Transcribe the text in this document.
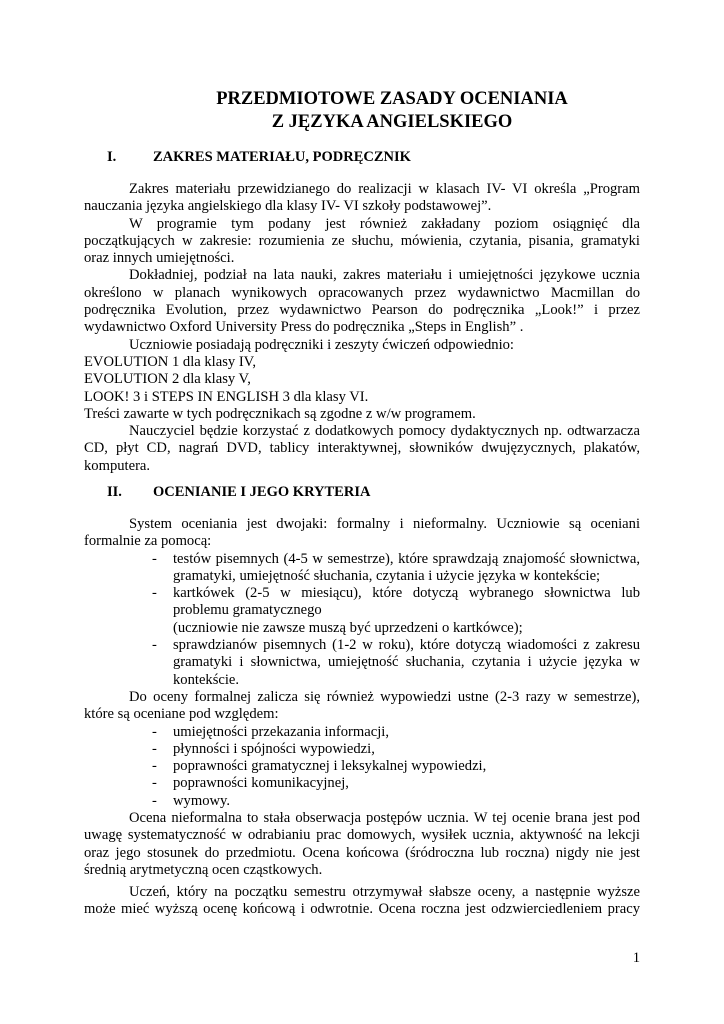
PRZEDMIOTOWE ZASADY OCENIANIA
Z JĘZYKA ANGIELSKIEGO
I.	ZAKRES MATERIAŁU, PODRĘCZNIK
Zakres materiału przewidzianego do realizacji w klasach IV- VI określa „Program
nauczania języka angielskiego dla klasy IV- VI szkoły podstawowej”.
W programie tym podany jest również zakładany poziom osiągnięć dla
początkujących w zakresie: rozumienia ze słuchu, mówienia, czytania, pisania, gramatyki
oraz innych umiejętności.
Dokładniej, podział na lata nauki, zakres materiału i umiejętności językowe ucznia
określono w planach wynikowych opracowanych przez wydawnictwo Macmillan do
podręcznika Evolution, przez wydawnictwo Pearson do podręcznika „Look!” i przez
wydawnictwo Oxford University Press do podręcznika „Steps in English” .
Uczniowie posiadają podręczniki i zeszyty ćwiczeń odpowiednio:
EVOLUTION 1 dla klasy IV,
EVOLUTION 2 dla klasy V,
LOOK! 3 i STEPS IN ENGLISH 3 dla klasy VI.
Treści zawarte w tych podręcznikach są zgodne z w/w programem.
Nauczyciel będzie korzystać z dodatkowych pomocy dydaktycznych np. odtwarzacza
CD, płyt CD, nagrań DVD, tablicy interaktywnej, słowników dwujęzycznych, plakatów,
komputera.
II. OCENIANIE I JEGO KRYTERIA
System oceniania jest dwojaki: formalny i nieformalny. Uczniowie są oceniani
formalnie za pomocą:
- testów pisemnych (4-5 w semestrze), które sprawdzają znajomość słownictwa,
gramatyki, umiejętność słuchania, czytania i użycie języka w kontekście;
- kartkówek (2-5 w miesiącu), które dotyczą wybranego słownictwa lub
problemu gramatycznego
(uczniowie nie zawsze muszą być uprzedzeni o kartkówce);
- sprawdzianów pisemnych (1-2 w roku), które dotyczą wiadomości z zakresu
gramatyki i słownictwa, umiejętność słuchania, czytania i użycie języka w
kontekście.
Do oceny formalnej zalicza się również wypowiedzi ustne (2-3 razy w semestrze),
które są oceniane pod względem:
- umiejętności przekazania informacji,
- płynności i spójności wypowiedzi,
- poprawności gramatycznej i leksykalnej wypowiedzi,
- poprawności komunikacyjnej,
- wymowy.
Ocena nieformalna to stała obserwacja postępów ucznia. W tej ocenie brana jest pod
uwagę systematyczność w odrabianiu prac domowych, wysiłek ucznia, aktywność na lekcji
oraz jego stosunek do przedmiotu. Ocena końcowa (śródroczna lub roczna) nigdy nie jest
średnią arytmetyczną ocen cząstkowych.
Uczeń, który na początku semestru otrzymywał słabsze oceny, a następnie wyższe
może mieć wyższą ocenę końcową i odwrotnie. Ocena roczna jest odzwierciedleniem pracy
1
